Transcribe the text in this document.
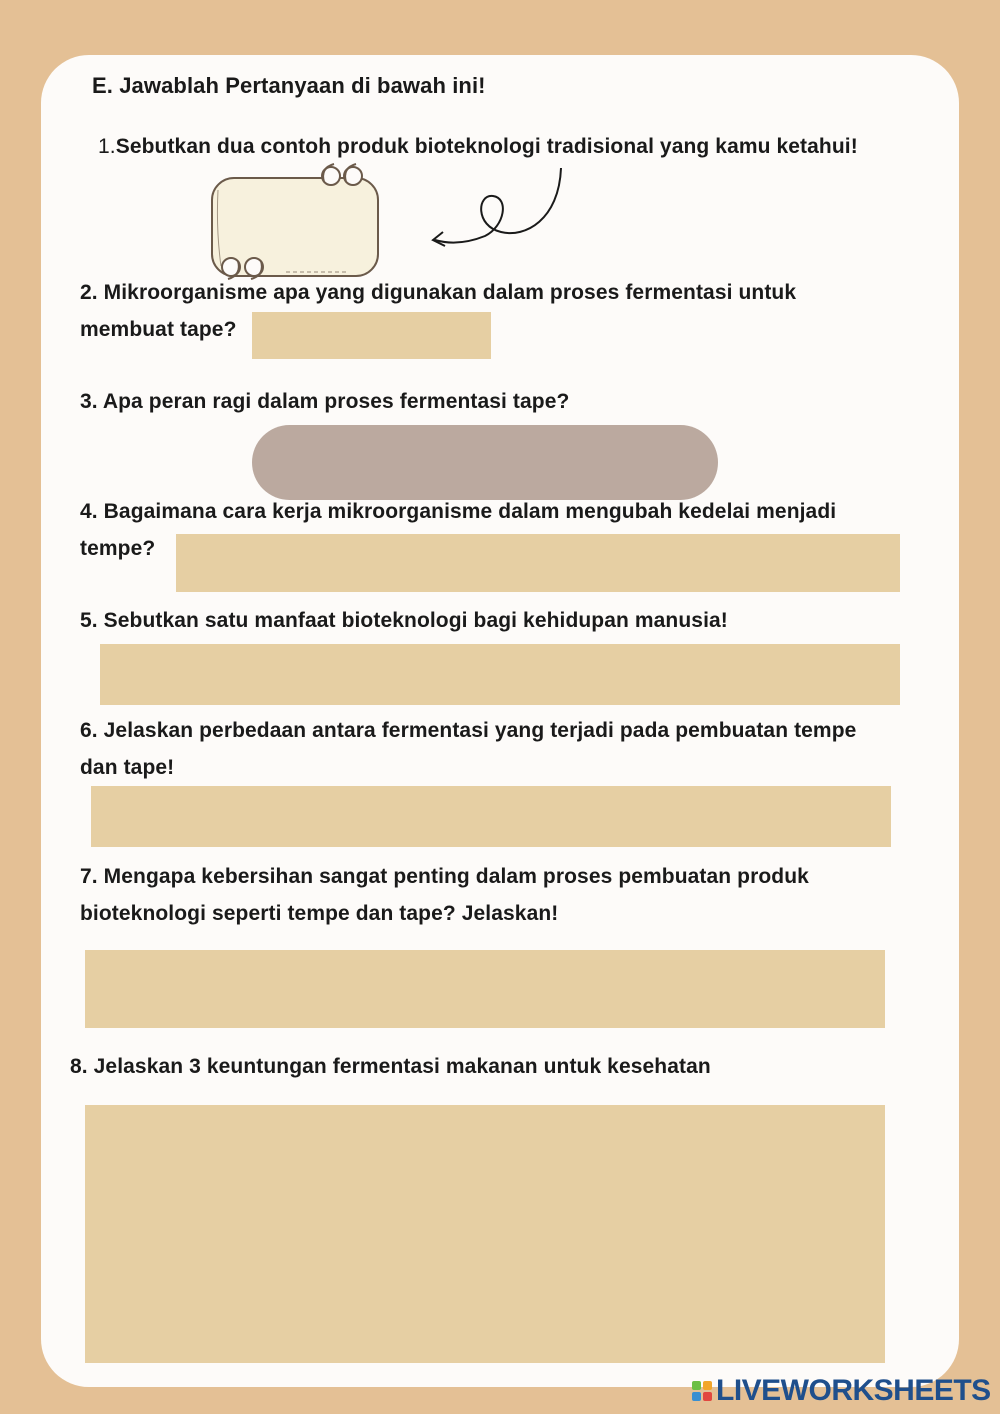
E. Jawablah Pertanyaan di bawah ini!
1.Sebutkan dua contoh produk bioteknologi tradisional yang kamu ketahui!
2. Mikroorganisme apa yang digunakan dalam proses fermentasi untuk
membuat tape?
3. Apa peran ragi dalam proses fermentasi tape?
4. Bagaimana cara kerja mikroorganisme dalam mengubah kedelai menjadi
tempe?
5. Sebutkan satu manfaat bioteknologi bagi kehidupan manusia!
6. Jelaskan perbedaan antara fermentasi yang terjadi pada pembuatan tempe
dan tape!
7. Mengapa kebersihan sangat penting dalam proses pembuatan produk
bioteknologi seperti tempe dan tape? Jelaskan!
8. Jelaskan 3 keuntungan fermentasi makanan untuk kesehatan
LIVEWORKSHEETS
